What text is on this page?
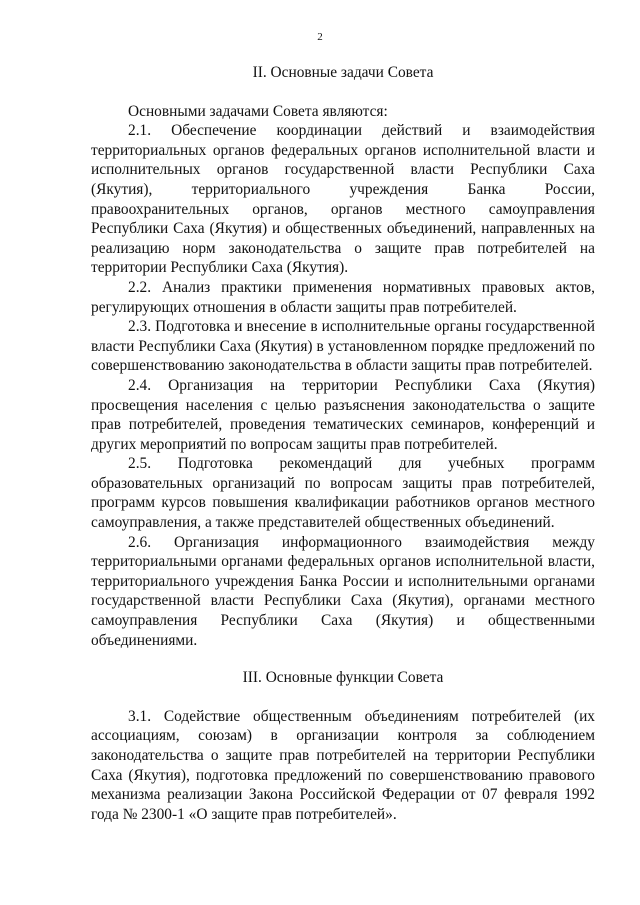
2
II. Основные задачи Совета

Основными задачами Совета являются:

2.1. Обеспечение координации действий и взаимодействия территориальных органов федеральных органов исполнительной власти и исполнительных органов государственной власти Республики Саха (Якутия), территориального учреждения Банка России, правоохранительных органов, органов местного самоуправления Республики Саха (Якутия) и общественных объединений, направленных на реализацию норм законодательства о защите прав потребителей на территории Республики Саха (Якутия).

2.2. Анализ практики применения нормативных правовых актов, регулирующих отношения в области защиты прав потребителей.

2.3. Подготовка и внесение в исполнительные органы государственной власти Республики Саха (Якутия) в установленном порядке предложений по совершенствованию законодательства в области защиты прав потребителей.

2.4. Организация на территории Республики Саха (Якутия) просвещения населения с целью разъяснения законодательства о защите прав потребителей, проведения тематических семинаров, конференций и других мероприятий по вопросам защиты прав потребителей.

2.5. Подготовка рекомендаций для учебных программ образовательных организаций по вопросам защиты прав потребителей, программ курсов повышения квалификации работников органов местного самоуправления, а также представителей общественных объединений.

2.6. Организация информационного взаимодействия между территориальными органами федеральных органов исполнительной власти, территориального учреждения Банка России и исполнительными органами государственной власти Республики Саха (Якутия), органами местного самоуправления Республики Саха (Якутия) и общественными объединениями.

III. Основные функции Совета

3.1. Содействие общественным объединениям потребителей (их ассоциациям, союзам) в организации контроля за соблюдением законодательства о защите прав потребителей на территории Республики Саха (Якутия), подготовка предложений по совершенствованию правового механизма реализации Закона Российской Федерации от 07 февраля 1992 года № 2300-1 «О защите прав потребителей».
